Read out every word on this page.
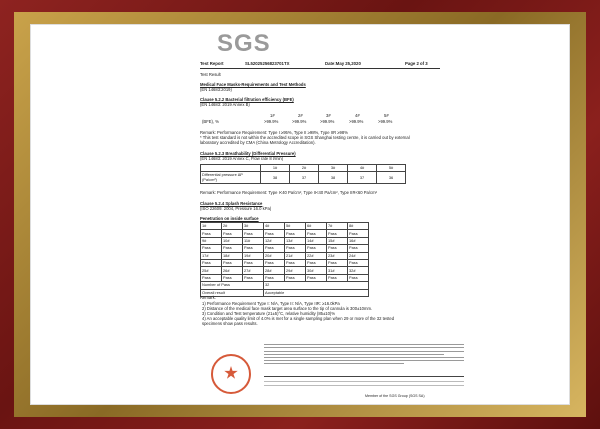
SGS
Test Report	SL52025256823701TX	Date:May 25,2020	Page 2 of 3
Test Result
Medical Face Masks-Requirements and Test Methods
(EN 14683:2019)
Clause 5.2.2 Bacterial filtration efficiency (BFE)
(EN 14683: 2019 Annex B)
1#	2#	3#	4#	5#
(BFE), %	>99.9%	>99.9%	>99.9%	>99.9%	>99.9%
Remark: Performance Requirement: Type I ≥95%, Type II ≥98%, Type IIR ≥98%
* This test standard is not within the accredited scope in SGS Shanghai testing centre, it is carried out by external
laboratory accredited by CMA (China Metrology Accreditation).
Clause 5.2.3 Breathability (Differential Pressure)
(EN 14683: 2019 Annex C, Flow rate 8 l/min)
	1#	2#	3#	4#	5#
Differential pressure ∆P
(Pa/cm²)	38	37	38	37	36
Remark: Performance Requirement: Type I<40 Pa/cm², Type II<40 Pa/cm², Type IIR<60 Pa/cm²
Clause 5.2.4 Splash Resistance
(ISO 22609: 2004, Pressure 16.0 kPa)
Penetration on inside surface
1#	2#	3#	4#	5#	6#	7#	8#
Pass	Pass	Pass	Pass	Pass	Pass	Pass	Pass
9#	10#	11#	12#	13#	14#	15#	16#
Pass	Pass	Pass	Pass	Pass	Pass	Pass	Pass
17#	18#	19#	20#	21#	22#	23#	24#
Pass	Pass	Pass	Pass	Pass	Pass	Pass	Pass
25#	26#	27#	28#	29#	30#	31#	32#
Pass	Pass	Pass	Pass	Pass	Pass	Pass	Pass
Number of Pass			32				
Overall result			Acceptable				
Remark:
1) Performance Requirement Type I: N/A, Type II: N/A, Type IIR: ≥16.0kPa
2) Distance of the medical face mask target area surface to the tip of cannula is 300±10mm.
3) Condition and Test temperature (21±5)°C, relative humidity (85±10)%
4) An acceptable quality limit of 4.0% is met for a single sampling plan when 29 or more of the 32 tested
specimens show pass results.
Member of the SGS Group (SGS SA)
